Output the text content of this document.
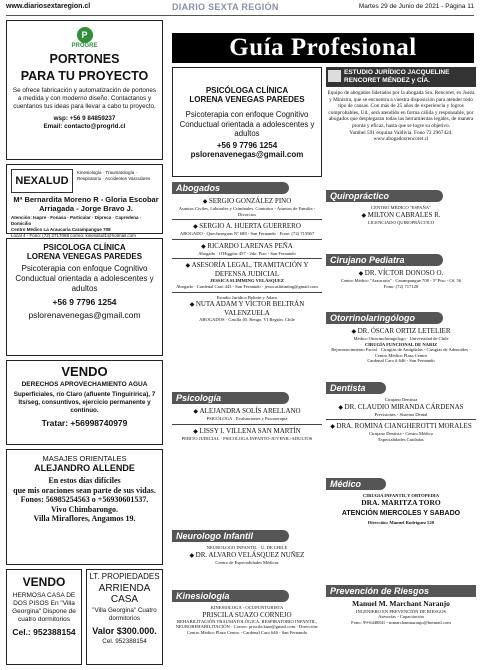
www.diariosextaregion.cl	DIARIO SEXTA REGIÓN	Martes 29 de Junio de 2021 - Página 11
P
PROGRE
PORTONES
PARA TU PROYECTO
Se ofrece fabricación y automatización de portones a medida y con moderno diseño. Contactanos y cuentanos tus ideas para llevar a cabo tu proyecto.
wsp: +56 9 84859237
Email: contacto@progrld.cl
NEXALUD
Kinesiología · Traumatología · Respiratorio · Accidentes Vasculares
Mª Bernardita Moreno R - Gloria Escobar Arriagada - Jorge Bravo J.
Atención: Isapre · Fonasa · Particular · Dipreca · Capredena · Domicilio
Centro Médico La Araucaria Carampangue 708
Local 4 - Fono: (72) 2717068 correo: kinesalud1@hotmail.com
PSICOLOGA CLÍNICA
LORENA VENEGAS PAREDES
Psicoterapia con enfoque Cognitivo Conductual orientada a adolescentes y adultos
+56 9 7796 1254
pslorenavenegas@gmail.com
VENDO
DERECHOS APROVECHAMIENTO AGUA
Superficiales, río Claro (afluente Tinguiririca), 7 lts/seg, consuntivos, ejercicio permanente y continuo.
Tratar: +56998740979
MASAJES ORIENTALES
ALEJANDRO ALLENDE
En estos días difíciles
que mis oraciones sean parte de sus vidas.
Fonos: 56985254563 o +56930601537.
Vivo Chimbarongo.
Villa Miraflores, Angamos 19.
VENDO
HERMOSA CASA DE DOS PISOS En "Villa Georgina" Dispone de cuatro dormitorios
Cel.: 952388154
LT. PROPIEDADES
ARRIENDA CASA
"Villa Georgina" Cuatro dormitorios
Valor $300.000.
Cel. 952388154
Guía Profesional
PSICÓLOGA CLÍNICA
LORENA VENEGAS PAREDES
Psicoterapia con enfoque Cognitivo Conductual orientada a adolescentes y adultos
+56 9 7796 1254
pslorenavenegas@gmail.com
Abogados
◆ SERGIO GONZÁLEZ PINO
Asuntos Civiles, Laborales y Criminales. Contratos - Asuntos de Familia - Divorcios
◆ SERGIO A. HUERTA GUERRERO
ABOGADO · Quechereguas Nº 688 - San Fernando · Fono: (72) 715967
◆ RICARDO LARENAS PEÑA
Abogado · O'Higgins 457 - 2do. Piso - San Fernando
◆ ASESORÍA LEGAL, TRAMITACIÓN Y DEFENSA JUDICIAL
JESSICA SLIMMING VELÁSQUEZ
Abogado · Cardenal Caro 443 - San Fernando · jessicaslimming@gmail.com
Estudio Jurídico Beltrán y Adaro
◆ NUTA ADAM Y VÍCTOR BELTRÁN VALENZUELA
ABOGADOS · Casilla 40. Rengo. VI Región. Chile
Psicología
◆ ALEJANDRA SOLÍS ARELLANO
PSICÓLOGA · Evaluaciones y Psicoterapia
◆ LISSY I. VILLENA SAN MARTÍN
PERITO JUDICIAL · PSICOLOGA INFANTO-JUVENIL-ADULTOS
Neurologo Infantil
NEUROLOGO INFANTIL · U. DE CHILE
◆ DR. ALVARO VELÁSQUEZ NUÑEZ
Centro de Especialidades Médicas
Kinesiología
KINESIOLOGA - OCUPUNTURISTA
PRISCILA SUAZO CORNEJO
REHABILITACIÓN TRAUMATOLÓGICA, RESPIRATORIO INFANTIL, NEUROREHABILITACIÓN · Correo: priscila.kine@gmail.com · Dirección: Centro Médico Plaza Centro - Cardenal Caro 646 - San Fernando
ESTUDIO JURÍDICO JACQUELINE RENCORET MÉNDEZ y CÍA.
Equipo de abogados liderados por la abogada Sra. Rencoret, ex Jueza y Ministra, que se encuentra a vuestra disposición para atender todo tipo de causas. Con más de 25 años de experiencia y logros comprobables, Ud., será atendido en forma cálida y responsable, por abogados que desplegaran todas las herramientas legales, de manera pronta y eficaz, hasta que se logre su objetivo.
Yumbel 591 esquina Valdivia. Fono 72 2967424.
www.abogadosrencoret.cl
Quiropráctico
CENTRO MÉDICO "ESPAÑA"
◆ MILTON CABRALES R.
LICENCIADO QUIROPRÁCTICO
Cirujano Pediatra
◆ DR. VÍCTOR DONOSO O.
Centro Médico "Araucaria" · Carampangue 708 - 5º Piso - Of. 56
Fono: (72) 717120
Otorrinolaringólogo
◆ DR. ÓSCAR ORTIZ LETELIER
Médico Otorrinolaringólogo · Universidad de Chile
CIRUGÍA FUNCIONAL DE NARIZ
Rejuvenecimiento Facial · Cirugías de Amígdalas - Cirugías de Adenoides · Centro Médico Plaza Centro
Cardenal Caro # 646 - San Fernando
Dentista
Cirujano Dentista
◆ DR. CLAUDIO MIRANDA CÁRDENAS
Previsiones - Sistema Dental
◆ DRA. ROMINA CIANGHEROTTI MORALES
Cirujano Dentista - Centro Médico
Especialidades Cuidadas
Médico
CIRUGIA INFANTIL Y ORTOPEDIA
DRA. MARITZA TORO
ATENCIÓN MIERCOLES Y SABADO
Dirección: Manuel Rodríguez 520
Prevención de Riesgos
Manuel M. Marchant Naranjo
INGENIERO EN PREVENCIÓN DE RIESGOS
Asesorías - Capacitación
Fono: 99-6448841 - mmarchantnaranjo@hotmail.com
